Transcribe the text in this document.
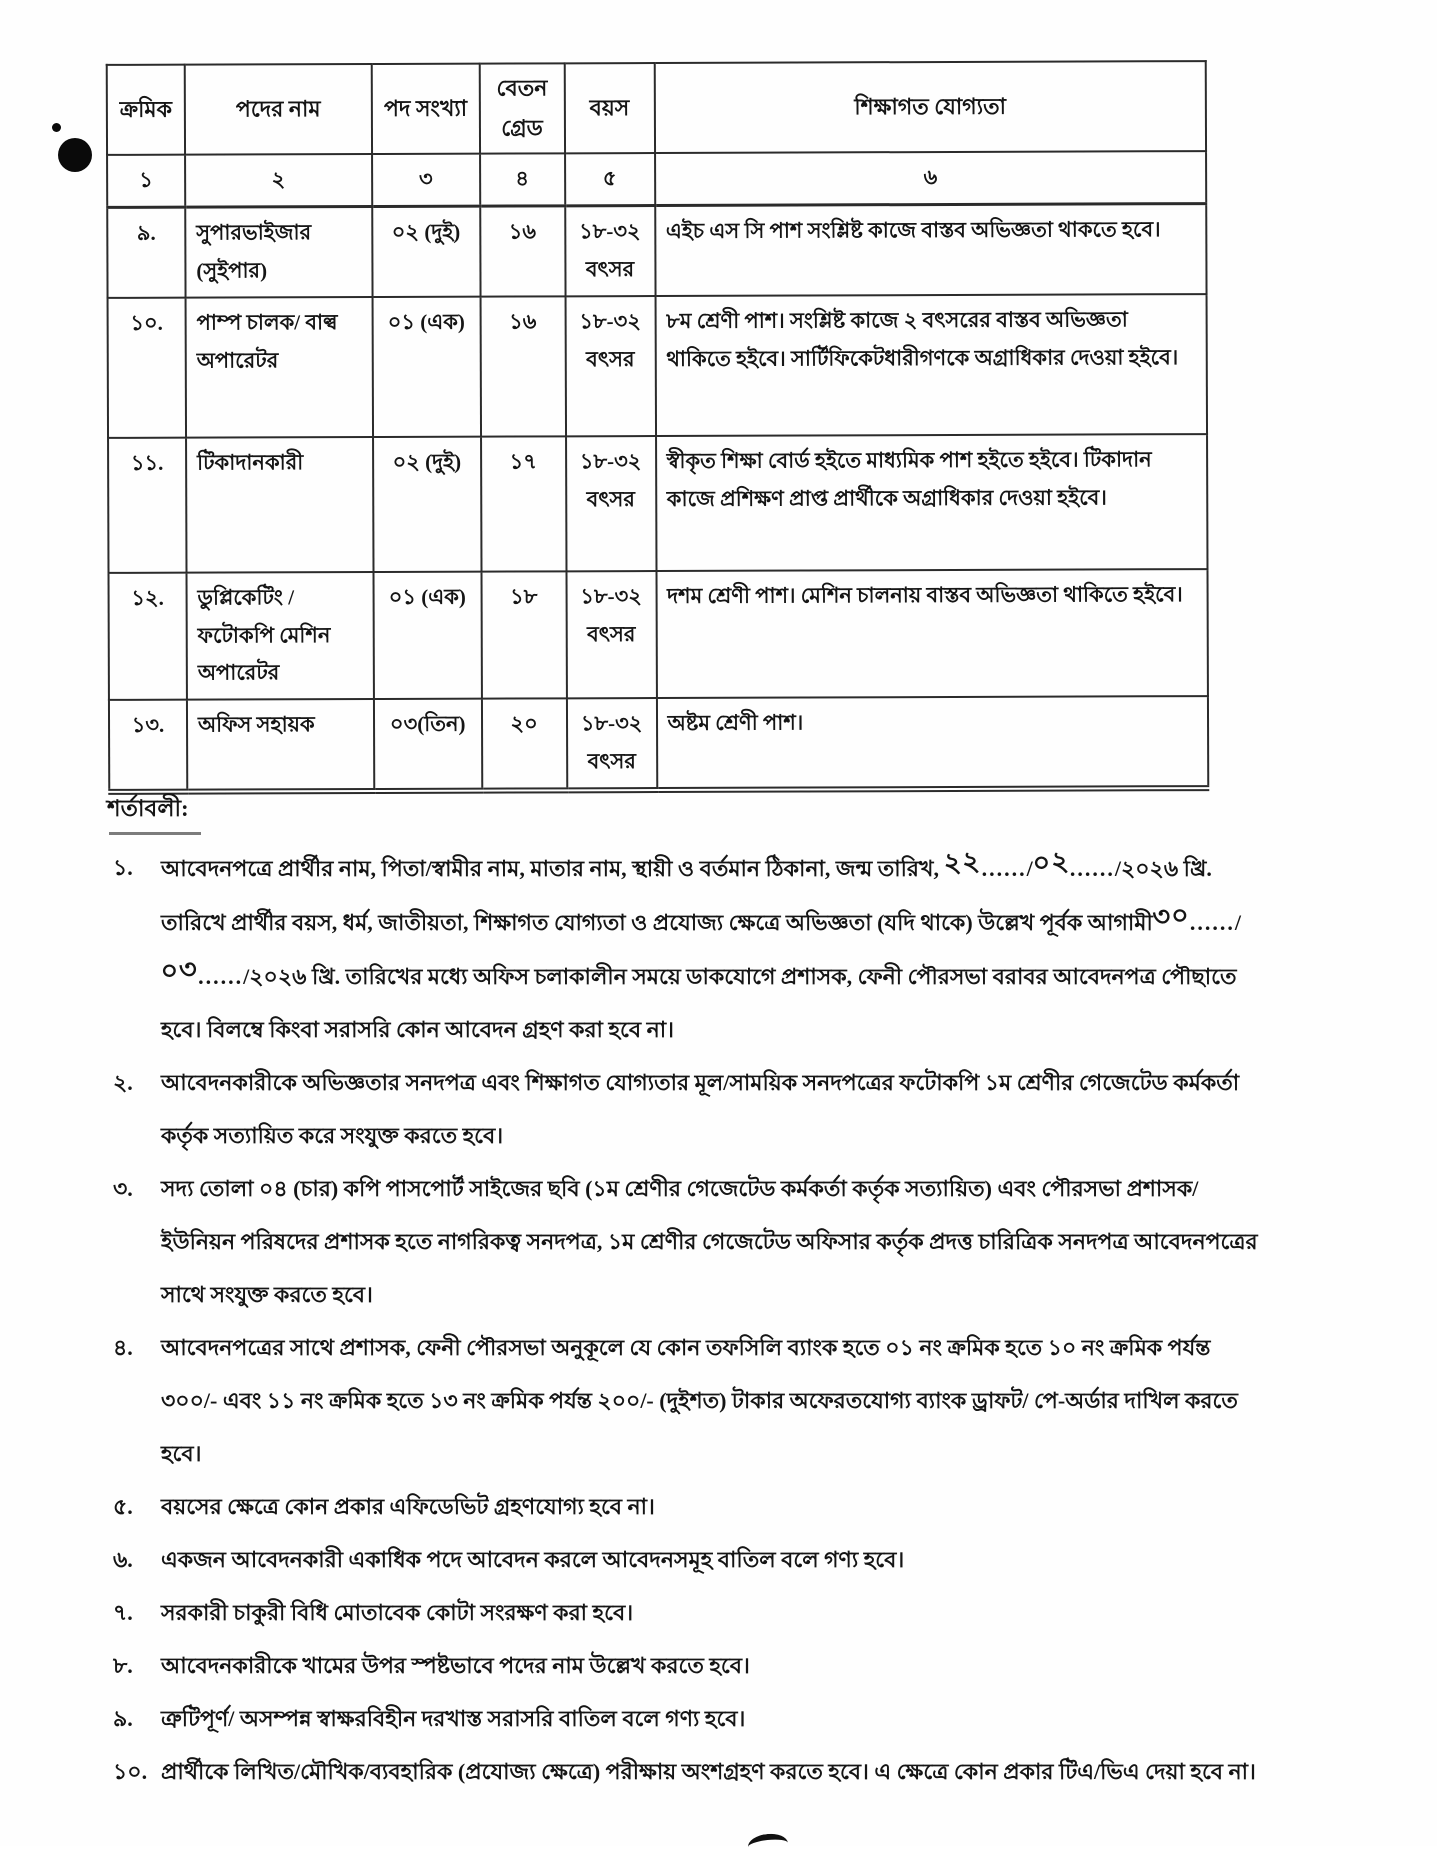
ক্রমিক	পদের নাম	পদ সংখ্যা	বেতন গ্রেড	বয়স	শিক্ষাগত যোগ্যতা
১	২	৩	৪	৫	৬
৯.	সুপারভাইজার (সুইপার)	০২ (দুই)	১৬	১৮-৩২ বৎসর	এইচ এস সি পাশ সংশ্লিষ্ট কাজে বাস্তব অভিজ্ঞতা থাকতে হবে।
১০.	পাম্প চালক/ বাল্ব অপারেটর	০১ (এক)	১৬	১৮-৩২ বৎসর	৮ম শ্রেণী পাশ। সংশ্লিষ্ট কাজে ২ বৎসরের বাস্তব অভিজ্ঞতা থাকিতে হইবে। সার্টিফিকেটধারীগণকে অগ্রাধিকার দেওয়া হইবে।
১১.	টিকাদানকারী	০২ (দুই)	১৭	১৮-৩২ বৎসর	স্বীকৃত শিক্ষা বোর্ড হইতে মাধ্যমিক পাশ হইতে হইবে। টিকাদান কাজে প্রশিক্ষণ প্রাপ্ত প্রার্থীকে অগ্রাধিকার দেওয়া হইবে।
১২.	ডুপ্লিকেটিং / ফটোকপি মেশিন অপারেটর	০১ (এক)	১৮	১৮-৩২ বৎসর	দশম শ্রেণী পাশ। মেশিন চালনায় বাস্তব অভিজ্ঞতা থাকিতে হইবে।
১৩.	অফিস সহায়ক	০৩(তিন)	২০	১৮-৩২ বৎসর	অষ্টম শ্রেণী পাশ।
শর্তাবলী:
১.	আবেদনপত্রে প্রার্থীর নাম, পিতা/স্বামীর নাম, মাতার নাম, স্থায়ী ও বর্তমান ঠিকানা, জন্ম তারিখ, ২২....../০২....../২০২৬ খ্রি. তারিখে প্রার্থীর বয়স, ধর্ম, জাতীয়তা, শিক্ষাগত যোগ্যতা ও প্রযোজ্য ক্ষেত্রে অভিজ্ঞতা (যদি থাকে) উল্লেখ পূর্বক আগামী৩০....../০৩....../২০২৬ খ্রি. তারিখের মধ্যে অফিস চলাকালীন সময়ে ডাকযোগে প্রশাসক, ফেনী পৌরসভা বরাবর আবেদনপত্র পৌছাতে হবে। বিলম্বে কিংবা সরাসরি কোন আবেদন গ্রহণ করা হবে না।
২.	আবেদনকারীকে অভিজ্ঞতার সনদপত্র এবং শিক্ষাগত যোগ্যতার মূল/সাময়িক সনদপত্রের ফটোকপি ১ম শ্রেণীর গেজেটেড কর্মকর্তা কর্তৃক সত্যায়িত করে সংযুক্ত করতে হবে।
৩.	সদ্য তোলা ০৪ (চার) কপি পাসপোর্ট সাইজের ছবি (১ম শ্রেণীর গেজেটেড কর্মকর্তা কর্তৃক সত্যায়িত) এবং পৌরসভা প্রশাসক/ ইউনিয়ন পরিষদের প্রশাসক হতে নাগরিকত্ব সনদপত্র, ১ম শ্রেণীর গেজেটেড অফিসার কর্তৃক প্রদত্ত চারিত্রিক সনদপত্র আবেদনপত্রের সাথে সংযুক্ত করতে হবে।
৪.	আবেদনপত্রের সাথে প্রশাসক, ফেনী পৌরসভা অনুকূলে যে কোন তফসিলি ব্যাংক হতে ০১ নং ক্রমিক হতে ১০ নং ক্রমিক পর্যন্ত ৩০০/- এবং ১১ নং ক্রমিক হতে ১৩ নং ক্রমিক পর্যন্ত ২০০/- (দুইশত) টাকার অফেরতযোগ্য ব্যাংক ড্রাফট/ পে-অর্ডার দাখিল করতে হবে।
৫.	বয়সের ক্ষেত্রে কোন প্রকার এফিডেভিট গ্রহণযোগ্য হবে না।
৬.	একজন আবেদনকারী একাধিক পদে আবেদন করলে আবেদনসমূহ বাতিল বলে গণ্য হবে।
৭.	সরকারী চাকুরী বিধি মোতাবেক কোটা সংরক্ষণ করা হবে।
৮.	আবেদনকারীকে খামের উপর স্পষ্টভাবে পদের নাম উল্লেখ করতে হবে।
৯.	ত্রুটিপূর্ণ/ অসম্পন্ন স্বাক্ষরবিহীন দরখাস্ত সরাসরি বাতিল বলে গণ্য হবে।
১০. প্রার্থীকে লিখিত/মৌখিক/ব্যবহারিক (প্রযোজ্য ক্ষেত্রে) পরীক্ষায় অংশগ্রহণ করতে হবে। এ ক্ষেত্রে কোন প্রকার টিএ/ভিএ দেয়া হবে না।
